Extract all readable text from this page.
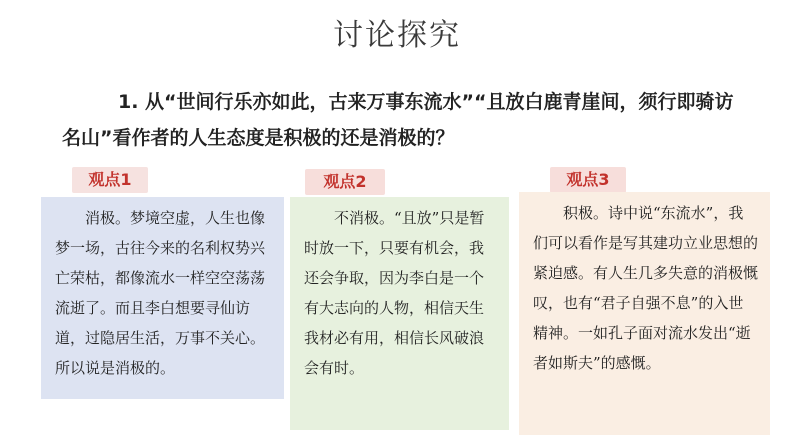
讨论探究
1. 从“世间行乐亦如此，古来万事东流水”“且放白鹿青崖间，须行即骑访
名山”看作者的人生态度是积极的还是消极的？
观点1
消极。梦境空虚，人生也像梦一场，古往今来的名利权势兴亡荣枯，都像流水一样空空荡荡流逝了。而且李白想要寻仙访道，过隐居生活，万事不关心。所以说是消极的。
观点2
不消极。“且放”只是暂时放一下，只要有机会，我还会争取，因为李白是一个有大志向的人物，相信天生我材必有用，相信长风破浪会有时。
观点3
积极。诗中说“东流水”，我们可以看作是写其建功立业思想的紧迫感。有人生几多失意的消极慨叹，也有“君子自强不息”的入世精神。一如孔子面对流水发出“逝者如斯夫”的感慨。
